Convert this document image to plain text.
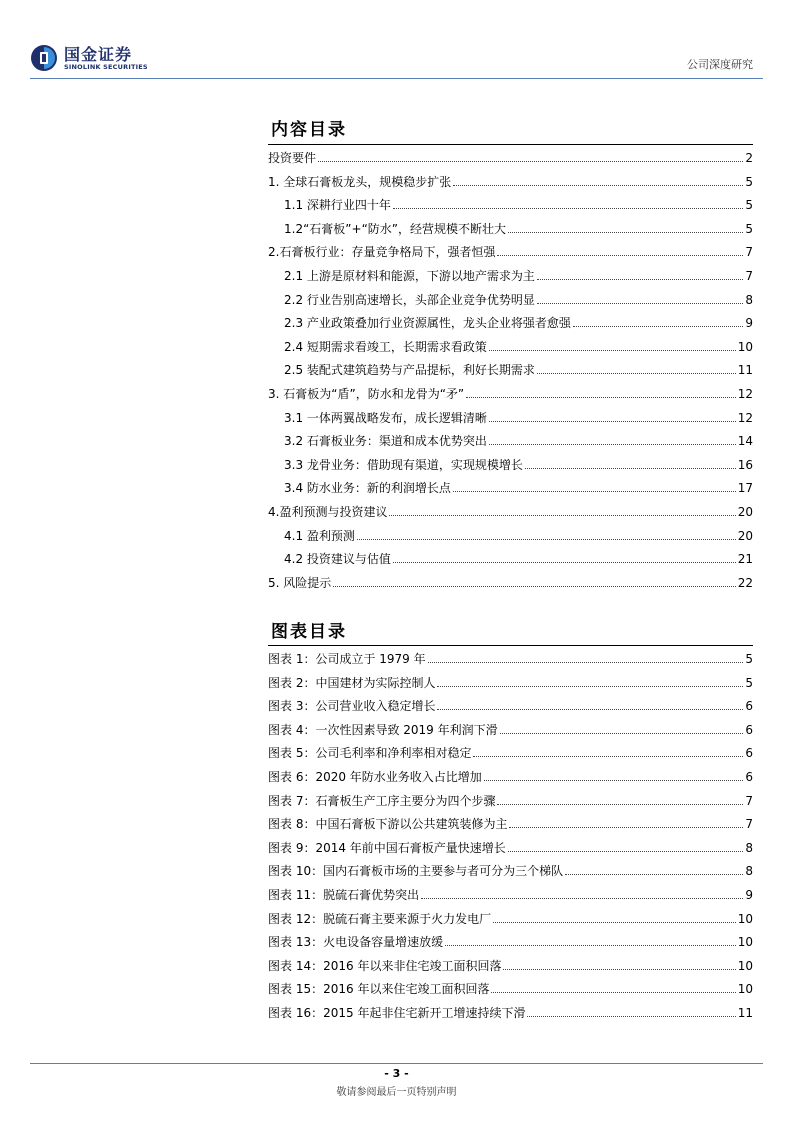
国金证券
SINOLINK SECURITIES	公司深度研究
内容目录
投资要件	2
1. 全球石膏板龙头，规模稳步扩张	5
1.1 深耕行业四十年	5
1.2“石膏板”+“防水”，经营规模不断壮大	5
2.石膏板行业：存量竞争格局下，强者恒强	7
2.1 上游是原材料和能源，下游以地产需求为主	7
2.2 行业告别高速增长，头部企业竞争优势明显	8
2.3 产业政策叠加行业资源属性，龙头企业将强者愈强	9
2.4 短期需求看竣工，长期需求看政策	10
2.5 装配式建筑趋势与产品提标，利好长期需求	11
3. 石膏板为“盾”，防水和龙骨为“矛”	12
3.1 一体两翼战略发布，成长逻辑清晰	12
3.2 石膏板业务：渠道和成本优势突出	14
3.3 龙骨业务：借助现有渠道，实现规模增长	16
3.4 防水业务：新的利润增长点	17
4.盈利预测与投资建议	20
4.1 盈利预测	20
4.2 投资建议与估值	21
5. 风险提示	22
图表目录
图表 1：公司成立于 1979 年	5
图表 2：中国建材为实际控制人	5
图表 3：公司营业收入稳定增长	6
图表 4：一次性因素导致 2019 年利润下滑	6
图表 5：公司毛利率和净利率相对稳定	6
图表 6：2020 年防水业务收入占比增加	6
图表 7：石膏板生产工序主要分为四个步骤	7
图表 8：中国石膏板下游以公共建筑装修为主	7
图表 9：2014 年前中国石膏板产量快速增长	8
图表 10：国内石膏板市场的主要参与者可分为三个梯队	8
图表 11：脱硫石膏优势突出	9
图表 12：脱硫石膏主要来源于火力发电厂	10
图表 13：火电设备容量增速放缓	10
图表 14：2016 年以来非住宅竣工面积回落	10
图表 15：2016 年以来住宅竣工面积回落	10
图表 16：2015 年起非住宅新开工增速持续下滑	11
- 3 -
敬请参阅最后一页特别声明
